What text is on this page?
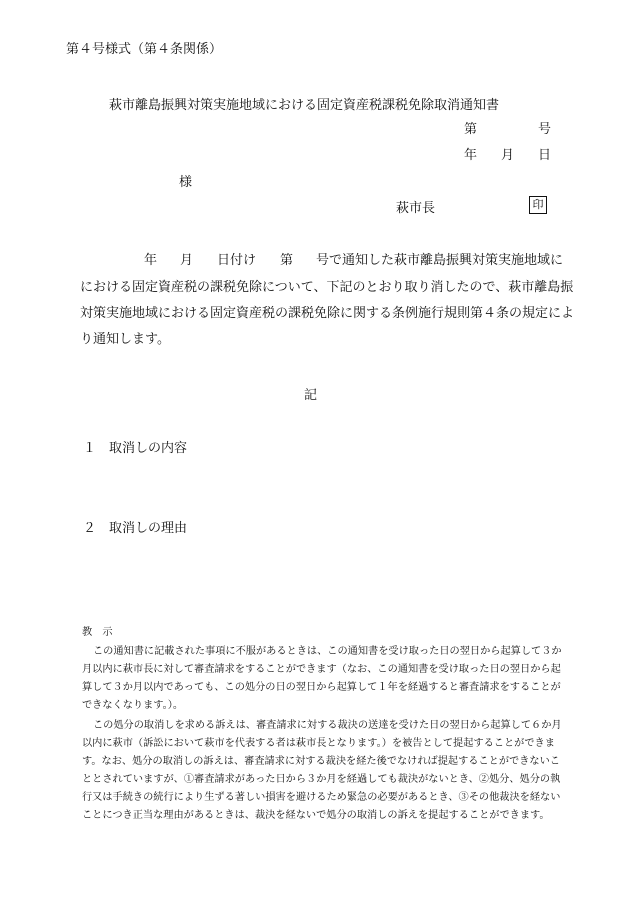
第４号様式（第４条関係）
萩市離島振興対策実施地域における固定資産税課税免除取消通知書
第	号
年 月 日
様
萩市長	印
年 月 日付け 第 号で通知した萩市離島振興対策実施地域に
における固定資産税の課税免除について、下記のとおり取り消したので、萩市離島振
対策実施地域における固定資産税の課税免除に関する条例施行規則第４条の規定によ
り通知します。
記
１ 取消しの内容
２ 取消しの理由
教　示
この通知書に記載された事項に不服があるときは、この通知書を受け取った日の翌日から起算して３か
月以内に萩市長に対して審査請求をすることができます（なお、この通知書を受け取った日の翌日から起
算して３か月以内であっても、この処分の日の翌日から起算して１年を経過すると審査請求をすることが
できなくなります。）。
この処分の取消しを求める訴えは、審査請求に対する裁決の送達を受けた日の翌日から起算して６か月
以内に萩市（訴訟において萩市を代表する者は萩市長となります。）を被告として提起することができま
す。なお、処分の取消しの訴えは、審査請求に対する裁決を経た後でなければ提起することができないこ
ととされていますが、①審査請求があった日から３か月を経過しても裁決がないとき、②処分、処分の執
行又は手続きの続行により生ずる著しい損害を避けるため緊急の必要があるとき、③その他裁決を経ない
ことにつき正当な理由があるときは、裁決を経ないで処分の取消しの訴えを提起することができます。
